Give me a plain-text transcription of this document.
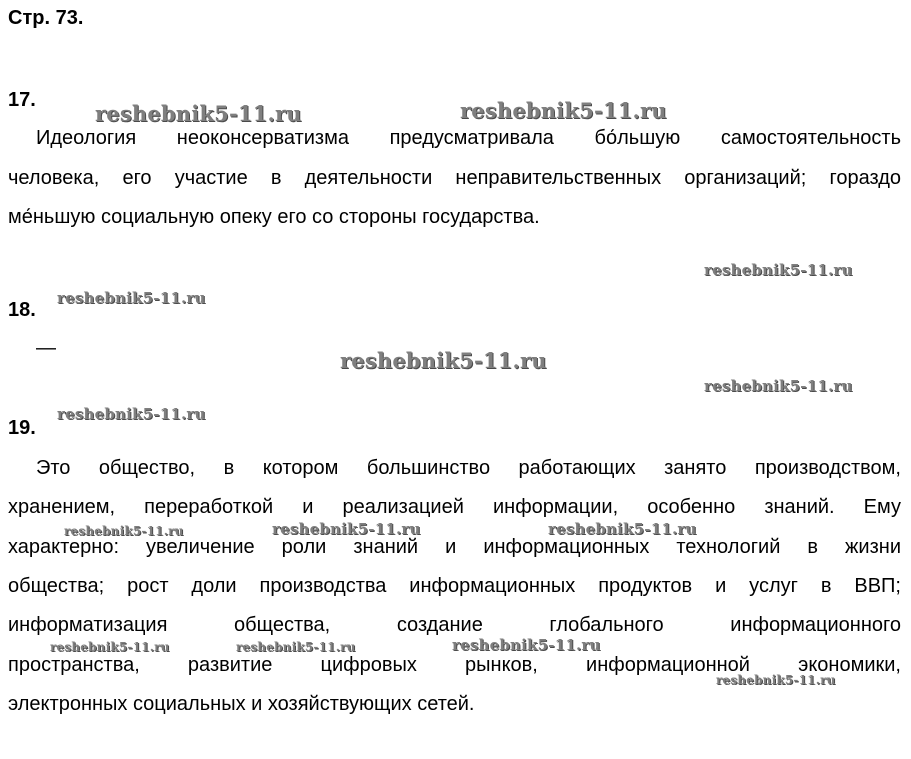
Стр. 73.
17.
Идеология неоконсерватизма предусматривала бо́льшую самостоятельность
человека, его участие в деятельности неправительственных организаций; гораздо
ме́ньшую социальную опеку его со стороны государства.
18.
—
19.
Это общество, в котором большинство работающих занято производством,
хранением, переработкой и реализацией информации, особенно знаний. Ему
характерно: увеличение роли знаний и информационных технологий в жизни
общества; рост доли производства информационных продуктов и услуг в ВВП;
информатизация общества, создание глобального информационного
пространства, развитие цифровых рынков, информационной экономики,
электронных социальных и хозяйствующих сетей.
reshebnik5-11.ru	reshebnik5-11.ru
reshebnik5-11.ru
reshebnik5-11.ru
reshebnik5-11.ru
reshebnik5-11.ru
reshebnik5-11.ru
reshebnik5-11.ru	reshebnik5-11.ru	reshebnik5-11.ru
reshebnik5-11.ru	reshebnik5-11.ru	reshebnik5-11.ru
reshebnik5-11.ru
